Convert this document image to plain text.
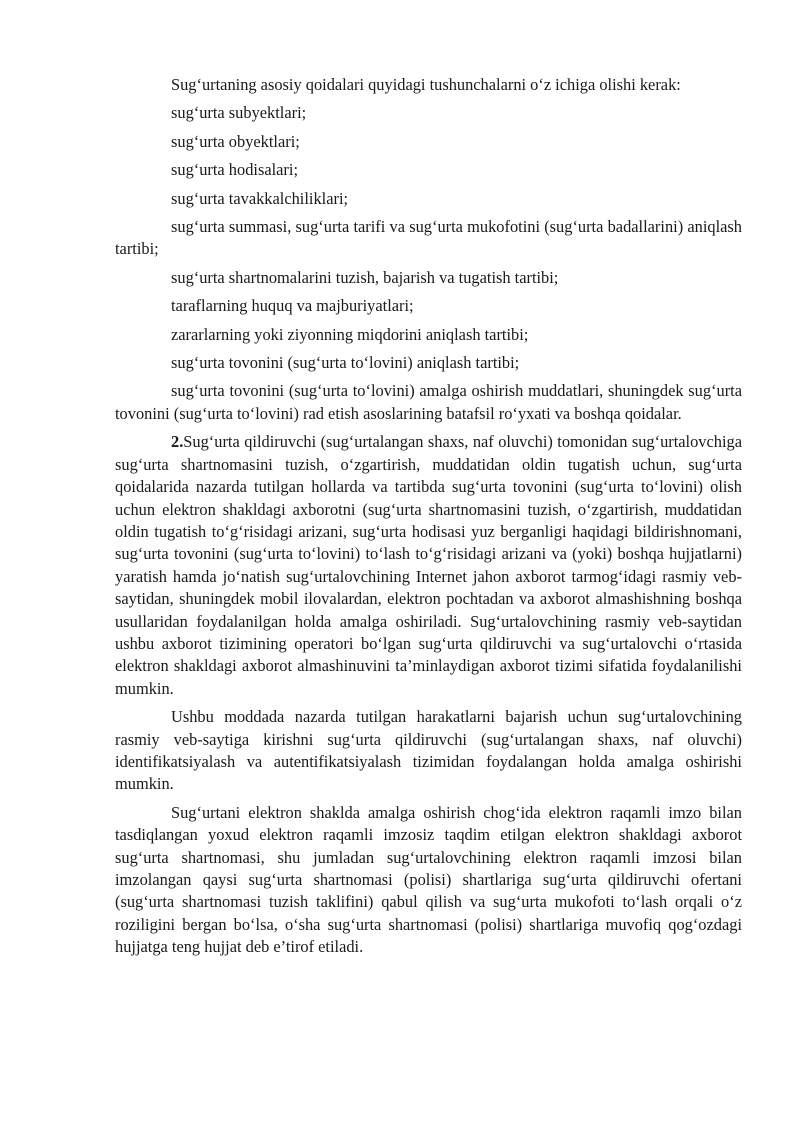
Sug‘urtaning asosiy qoidalari quyidagi tushunchalarni o‘z ichiga olishi kerak:

sug‘urta subyektlari;

sug‘urta obyektlari;

sug‘urta hodisalari;

sug‘urta tavakkalchiliklari;

sug‘urta summasi, sug‘urta tarifi va sug‘urta mukofotini (sug‘urta badallarini) aniqlash tartibi;

sug‘urta shartnomalarini tuzish, bajarish va tugatish tartibi;

taraflarning huquq va majburiyatlari;

zararlarning yoki ziyonning miqdorini aniqlash tartibi;

sug‘urta tovonini (sug‘urta to‘lovini) aniqlash tartibi;

sug‘urta tovonini (sug‘urta to‘lovini) amalga oshirish muddatlari, shuningdek sug‘urta tovonini (sug‘urta to‘lovini) rad etish asoslarining batafsil ro‘yxati va boshqa qoidalar.

2.Sug‘urta qildiruvchi (sug‘urtalangan shaxs, naf oluvchi) tomonidan sug‘urtalovchiga sug‘urta shartnomasini tuzish, o‘zgartirish, muddatidan oldin tugatish uchun, sug‘urta qoidalarida nazarda tutilgan hollarda va tartibda sug‘urta tovonini (sug‘urta to‘lovini) olish uchun elektron shakldagi axborotni (sug‘urta shartnomasini tuzish, o‘zgartirish, muddatidan oldin tugatish to‘g‘risidagi arizani, sug‘urta hodisasi yuz berganligi haqidagi bildirishnomani, sug‘urta tovonini (sug‘urta to‘lovini) to‘lash to‘g‘risidagi arizani va (yoki) boshqa hujjatlarni) yaratish hamda jo‘natish sug‘urtalovchining Internet jahon axborot tarmog‘idagi rasmiy veb-saytidan, shuningdek mobil ilovalardan, elektron pochtadan va axborot almashishning boshqa usullaridan foydalanilgan holda amalga oshiriladi. Sug‘urtalovchining rasmiy veb-saytidan ushbu axborot tizimining operatori bo‘lgan sug‘urta qildiruvchi va sug‘urtalovchi o‘rtasida elektron shakldagi axborot almashinuvini ta’minlaydigan axborot tizimi sifatida foydalanilishi mumkin.

Ushbu moddada nazarda tutilgan harakatlarni bajarish uchun sug‘urtalovchining rasmiy veb-saytiga kirishni sug‘urta qildiruvchi (sug‘urtalangan shaxs, naf oluvchi) identifikatsiyalash va autentifikatsiyalash tizimidan foydalangan holda amalga oshirishi mumkin.

Sug‘urtani elektron shaklda amalga oshirish chog‘ida elektron raqamli imzo bilan tasdiqlangan yoxud elektron raqamli imzosiz taqdim etilgan elektron shakldagi axborot sug‘urta shartnomasi, shu jumladan sug‘urtalovchining elektron raqamli imzosi bilan imzolangan qaysi sug‘urta shartnomasi (polisi) shartlariga sug‘urta qildiruvchi ofertani (sug‘urta shartnomasi tuzish taklifini) qabul qilish va sug‘urta mukofoti to‘lash orqali o‘z roziligini bergan bo‘lsa, o‘sha sug‘urta shartnomasi (polisi) shartlariga muvofiq qog‘ozdagi hujjatga teng hujjat deb e’tirof etiladi.
